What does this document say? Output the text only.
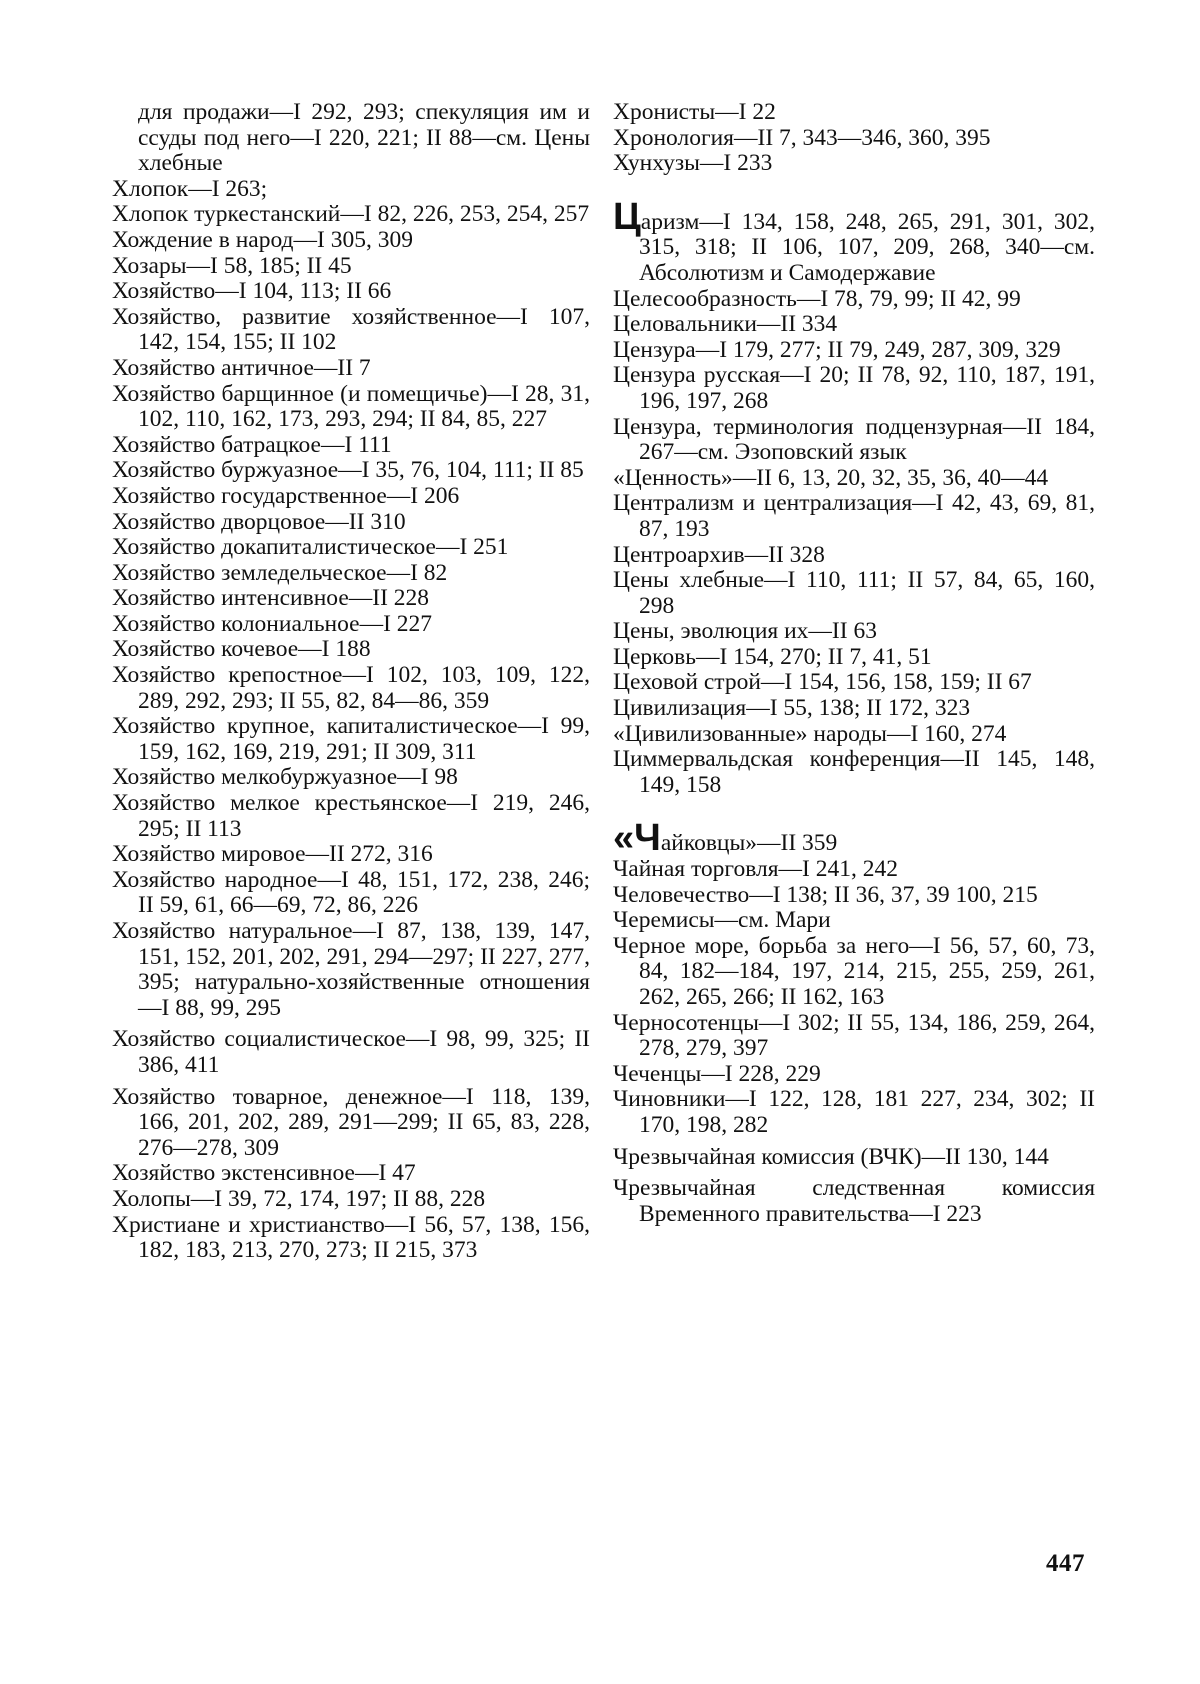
для продажи—I 292, 293; спекуляция им и ссуды под него—I 220, 221; II 88—см. Цены хлебные

Хлопок—I 263;

Хлопок туркестанский—I 82, 226, 253, 254, 257

Хождение в народ—I 305, 309

Хозары—I 58, 185; II 45

Хозяйство—I 104, 113; II 66

Хозяйство, развитие хозяйственное—I 107, 142, 154, 155; II 102

Хозяйство античное—II 7

Хозяйство барщинное (и помещичье)—I 28, 31, 102, 110, 162, 173, 293, 294; II 84, 85, 227

Хозяйство батрацкое—I 111

Хозяйство буржуазное—I 35, 76, 104, 111; II 85

Хозяйство государственное—I 206

Хозяйство дворцовое—II 310

Хозяйство докапиталистическое—I 251

Хозяйство земледельческое—I 82

Хозяйство интенсивное—II 228

Хозяйство колониальное—I 227

Хозяйство кочевое—I 188

Хозяйство крепостное—I 102, 103, 109, 122, 289, 292, 293; II 55, 82, 84—86, 359

Хозяйство крупное, капиталистическое—I 99, 159, 162, 169, 219, 291; II 309, 311

Хозяйство мелкобуржуазное—I 98

Хозяйство мелкое крестьянское—I 219, 246, 295; II 113

Хозяйство мировое—II 272, 316

Хозяйство народное—I 48, 151, 172, 238, 246; II 59, 61, 66—69, 72, 86, 226

Хозяйство натуральное—I 87, 138, 139, 147, 151, 152, 201, 202, 291, 294—297; II 227, 277, 395; натурально-хозяйственные отношения—I 88, 99, 295

Хозяйство социалистическое—I 98, 99, 325; II 386, 411

Хозяйство товарное, денежное—I 118, 139, 166, 201, 202, 289, 291—299; II 65, 83, 228, 276—278, 309

Хозяйство экстенсивное—I 47

Холопы—I 39, 72, 174, 197; II 88, 228

Христиане и христианство—I 56, 57, 138, 156, 182, 183, 213, 270, 273; II 215, 373

Хронисты—I 22

Хронология—II 7, 343—346, 360, 395

Хунхузы—I 233

Царизм—I 134, 158, 248, 265, 291, 301, 302, 315, 318; II 106, 107, 209, 268, 340—см. Абсолютизм и Самодержавие

Целесообразность—I 78, 79, 99; II 42, 99

Целовальники—II 334

Цензура—I 179, 277; II 79, 249, 287, 309, 329

Цензура русская—I 20; II 78, 92, 110, 187, 191, 196, 197, 268

Цензура, терминология подцензурная—II 184, 267—см. Эзоповский язык

«Ценность»—II 6, 13, 20, 32, 35, 36, 40—44

Централизм и централизация—I 42, 43, 69, 81, 87, 193

Центроархив—II 328

Цены хлебные—I 110, 111; II 57, 84, 65, 160, 298

Цены, эволюция их—II 63

Церковь—I 154, 270; II 7, 41, 51

Цеховой строй—I 154, 156, 158, 159; II 67

Цивилизация—I 55, 138; II 172, 323

«Цивилизованные» народы—I 160, 274

Циммервальдская конференция—II 145, 148, 149, 158

«Чайковцы»—II 359

Чайная торговля—I 241, 242

Человечество—I 138; II 36, 37, 39 100, 215

Черемисы—см. Мари

Черное море, борьба за него—I 56, 57, 60, 73, 84, 182—184, 197, 214, 215, 255, 259, 261, 262, 265, 266; II 162, 163

Черносотенцы—I 302; II 55, 134, 186, 259, 264, 278, 279, 397

Чеченцы—I 228, 229

Чиновники—I 122, 128, 181 227, 234, 302; II 170, 198, 282

Чрезвычайная комиссия (ВЧК)—II 130, 144

Чрезвычайная следственная комиссия Временного правительства—I 223

447
